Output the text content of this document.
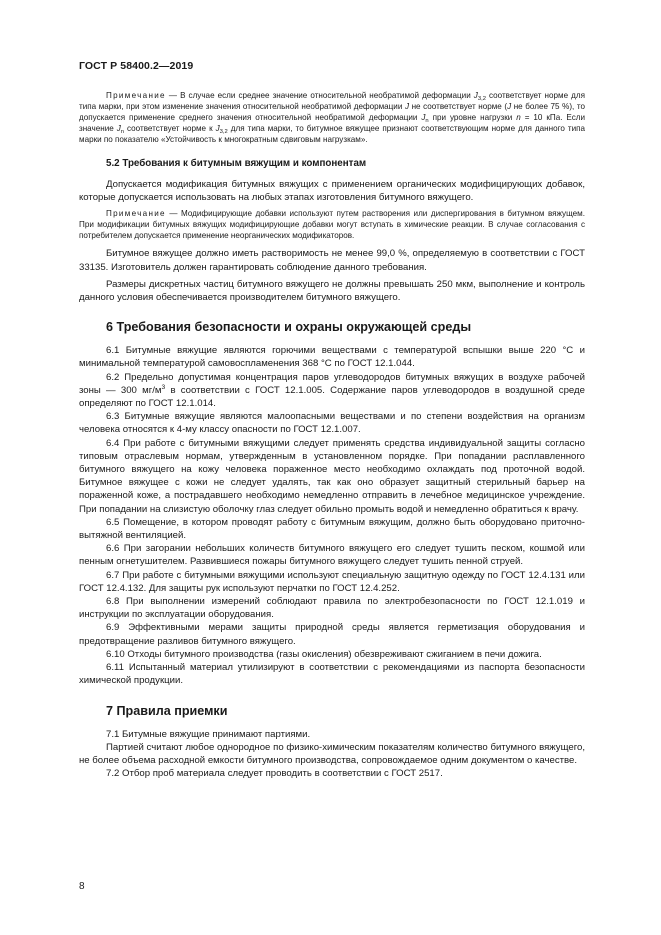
ГОСТ Р 58400.2—2019

Примечание — В случае если среднее значение относительной необратимой деформации $J_{3,2}$ соответствует норме для типа марки, при этом изменение значения относительной необратимой деформации J не соответствует норме (J не более 75 %), то допускается применение среднего значения относительной необратимой деформации $J_n$ при уровне нагрузки n = 10 кПа. Если значение $J_n$ соответствует норме к $J_{3,2}$ для типа марки, то битумное вяжущее признают соответствующим норме для данного типа марки по показателю «Устойчивость к многократным сдвиговым нагрузкам».

5.2 Требования к битумным вяжущим и компонентам

Допускается модификация битумных вяжущих с применением органических модифицирующих добавок, которые допускается использовать на любых этапах изготовления битумного вяжущего.

Примечание — Модифицирующие добавки используют путем растворения или диспергирования в битумном вяжущем. При модификации битумных вяжущих модифицирующие добавки могут вступать в химические реакции. В случае согласования с потребителем допускается применение неорганических модификаторов.

Битумное вяжущее должно иметь растворимость не менее 99,0 %, определяемую в соответствии с ГОСТ 33135. Изготовитель должен гарантировать соблюдение данного требования.

Размеры дискретных частиц битумного вяжущего не должны превышать 250 мкм, выполнение и контроль данного условия обеспечивается производителем битумного вяжущего.

6 Требования безопасности и охраны окружающей среды

6.1 Битумные вяжущие являются горючими веществами с температурой вспышки выше 220 °С и минимальной температурой самовоспламенения 368 °С по ГОСТ 12.1.044.

6.2 Предельно допустимая концентрация паров углеводородов битумных вяжущих в воздухе рабочей зоны — 300 $мг/м^3$ в соответствии с ГОСТ 12.1.005. Содержание паров углеводородов в воздушной среде определяют по ГОСТ 12.1.014.

6.3 Битумные вяжущие являются малоопасными веществами и по степени воздействия на организм человека относятся к 4-му классу опасности по ГОСТ 12.1.007.

6.4 При работе с битумными вяжущими следует применять средства индивидуальной защиты согласно типовым отраслевым нормам, утвержденным в установленном порядке. При попадании расплавленного битумного вяжущего на кожу человека пораженное место необходимо охлаждать под проточной водой. Битумное вяжущее с кожи не следует удалять, так как оно образует защитный стерильный барьер на пораженной коже, а пострадавшего необходимо немедленно отправить в лечебное медицинское учреждение. При попадании на слизистую оболочку глаз следует обильно промыть водой и немедленно обратиться к врачу.

6.5 Помещение, в котором проводят работу с битумным вяжущим, должно быть оборудовано приточно-вытяжной вентиляцией.

6.6 При загорании небольших количеств битумного вяжущего его следует тушить песком, кошмой или пенным огнетушителем. Развившиеся пожары битумного вяжущего следует тушить пенной струей.

6.7 При работе с битумными вяжущими используют специальную защитную одежду по ГОСТ 12.4.131 или ГОСТ 12.4.132. Для защиты рук используют перчатки по ГОСТ 12.4.252.

6.8 При выполнении измерений соблюдают правила по электробезопасности по ГОСТ 12.1.019 и инструкции по эксплуатации оборудования.

6.9 Эффективными мерами защиты природной среды является герметизация оборудования и предотвращение разливов битумного вяжущего.

6.10 Отходы битумного производства (газы окисления) обезвреживают сжиганием в печи дожига.

6.11 Испытанный материал утилизируют в соответствии с рекомендациями из паспорта безопасности химической продукции.

7 Правила приемки

7.1 Битумные вяжущие принимают партиями.

Партией считают любое однородное по физико-химическим показателям количество битумного вяжущего, не более объема расходной емкости битумного производства, сопровождаемое одним документом о качестве.

7.2 Отбор проб материала следует проводить в соответствии с ГОСТ 2517.

8
